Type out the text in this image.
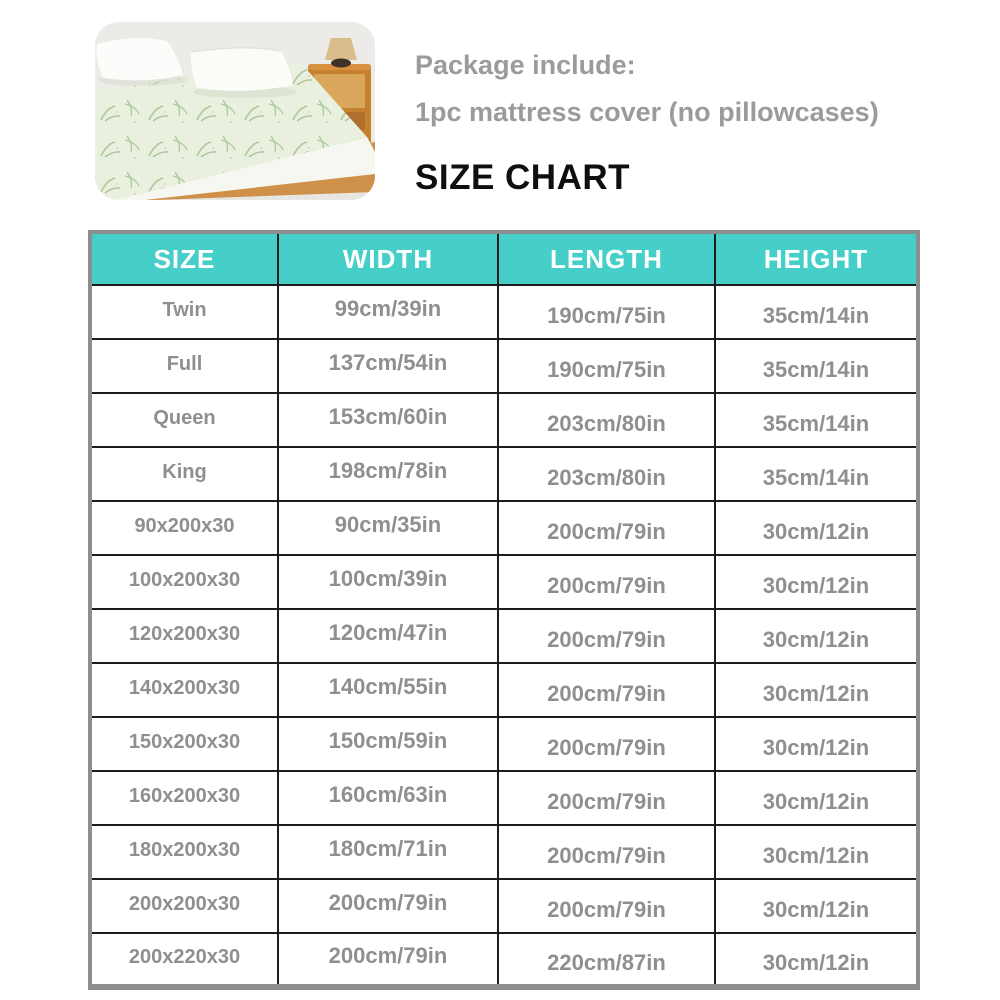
Package include:

1pc mattress cover (no pillowcases)

SIZE CHART
SIZE	WIDTH	LENGTH	HEIGHT
Twin	99cm/39in	190cm/75in	35cm/14in
Full	137cm/54in	190cm/75in	35cm/14in
Queen	153cm/60in	203cm/80in	35cm/14in
King	198cm/78in	203cm/80in	35cm/14in
90x200x30	90cm/35in	200cm/79in	30cm/12in
100x200x30	100cm/39in	200cm/79in	30cm/12in
120x200x30	120cm/47in	200cm/79in	30cm/12in
140x200x30	140cm/55in	200cm/79in	30cm/12in
150x200x30	150cm/59in	200cm/79in	30cm/12in
160x200x30	160cm/63in	200cm/79in	30cm/12in
180x200x30	180cm/71in	200cm/79in	30cm/12in
200x200x30	200cm/79in	200cm/79in	30cm/12in
200x220x30	200cm/79in	220cm/87in	30cm/12in
